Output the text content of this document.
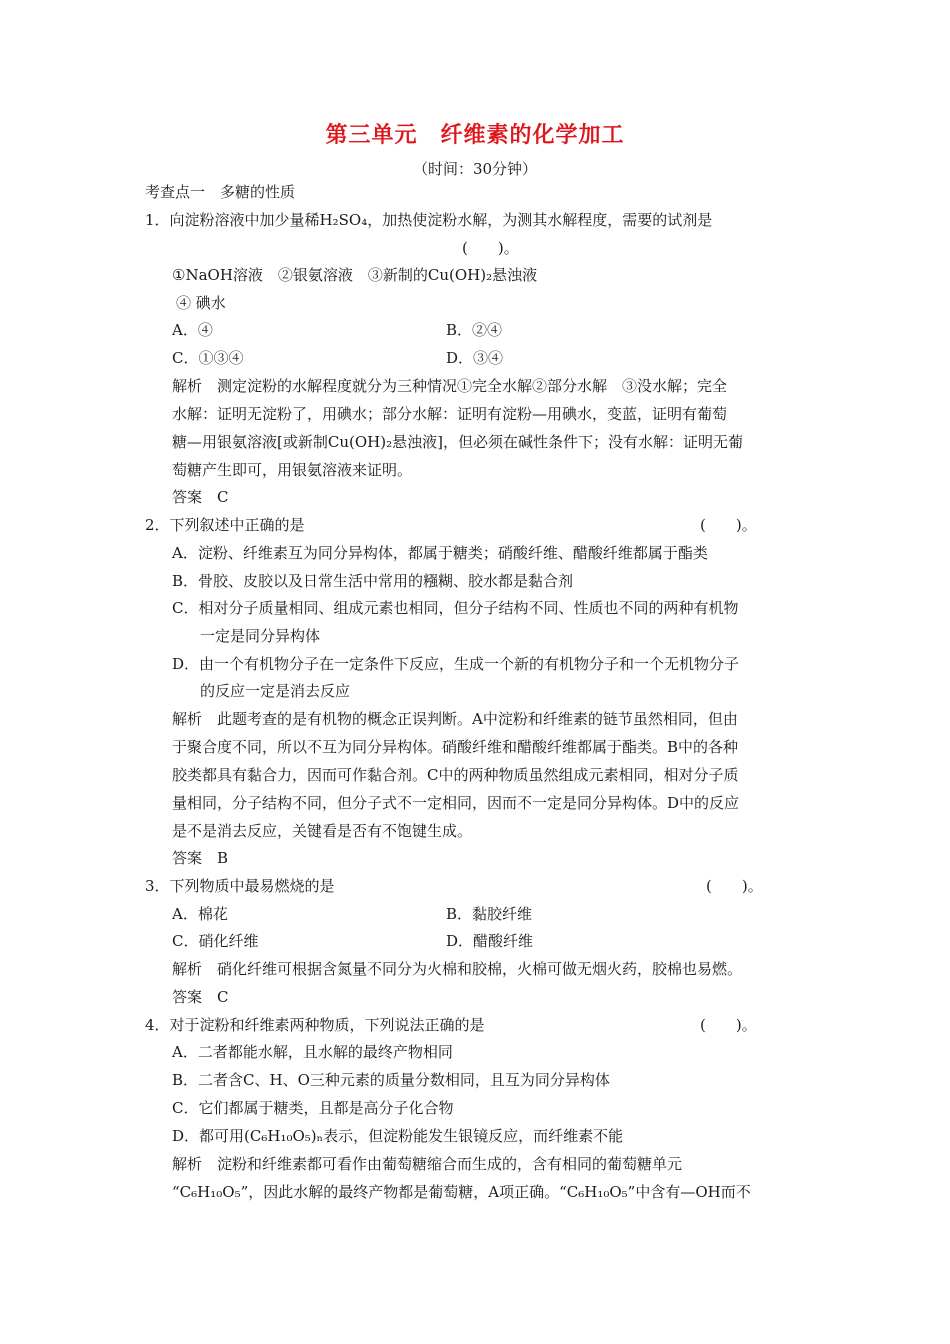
第三单元　纤维素的化学加工
（时间：30分钟）
考查点一　多糖的性质
1．向淀粉溶液中加少量稀H₂SO₄，加热使淀粉水解，为测其水解程度，需要的试剂是
(　　)。
①NaOH溶液　②银氨溶液　③新制的Cu(OH)₂悬浊液
④ 碘水
A．④	B．②④
C．①③④	D．③④
解析　测定淀粉的水解程度就分为三种情况①完全水解②部分水解　③没水解；完全
水解：证明无淀粉了，用碘水；部分水解：证明有淀粉—用碘水，变蓝，证明有葡萄
糖—用银氨溶液[或新制Cu(OH)₂悬浊液]，但必须在碱性条件下；没有水解：证明无葡
萄糖产生即可，用银氨溶液来证明。
答案　C
2．下列叙述中正确的是	(　　)。
A．淀粉、纤维素互为同分异构体，都属于糖类；硝酸纤维、醋酸纤维都属于酯类
B．骨胶、皮胶以及日常生活中常用的糨糊、胶水都是黏合剂
C．相对分子质量相同、组成元素也相同，但分子结构不同、性质也不同的两种有机物
一定是同分异构体
D．由一个有机物分子在一定条件下反应，生成一个新的有机物分子和一个无机物分子
的反应一定是消去反应
解析　此题考查的是有机物的概念正误判断。A中淀粉和纤维素的链节虽然相同，但由
于聚合度不同，所以不互为同分异构体。硝酸纤维和醋酸纤维都属于酯类。B中的各种
胶类都具有黏合力，因而可作黏合剂。C中的两种物质虽然组成元素相同，相对分子质
量相同，分子结构不同，但分子式不一定相同，因而不一定是同分异构体。D中的反应
是不是消去反应，关键看是否有不饱键生成。
答案　B
3．下列物质中最易燃烧的是	(　　)。
A．棉花	B．黏胶纤维
C．硝化纤维	D．醋酸纤维
解析　硝化纤维可根据含氮量不同分为火棉和胶棉，火棉可做无烟火药，胶棉也易燃。
答案　C
4．对于淀粉和纤维素两种物质，下列说法正确的是	(　　)。
A．二者都能水解，且水解的最终产物相同
B．二者含C、H、O三种元素的质量分数相同，且互为同分异构体
C．它们都属于糖类，且都是高分子化合物
D．都可用(C₆H₁₀O₅)ₙ表示，但淀粉能发生银镜反应，而纤维素不能
解析　淀粉和纤维素都可看作由葡萄糖缩合而生成的，含有相同的葡萄糖单元
“C₆H₁₀O₅”，因此水解的最终产物都是葡萄糖，A项正确。“C₆H₁₀O₅”中含有—OH而不
